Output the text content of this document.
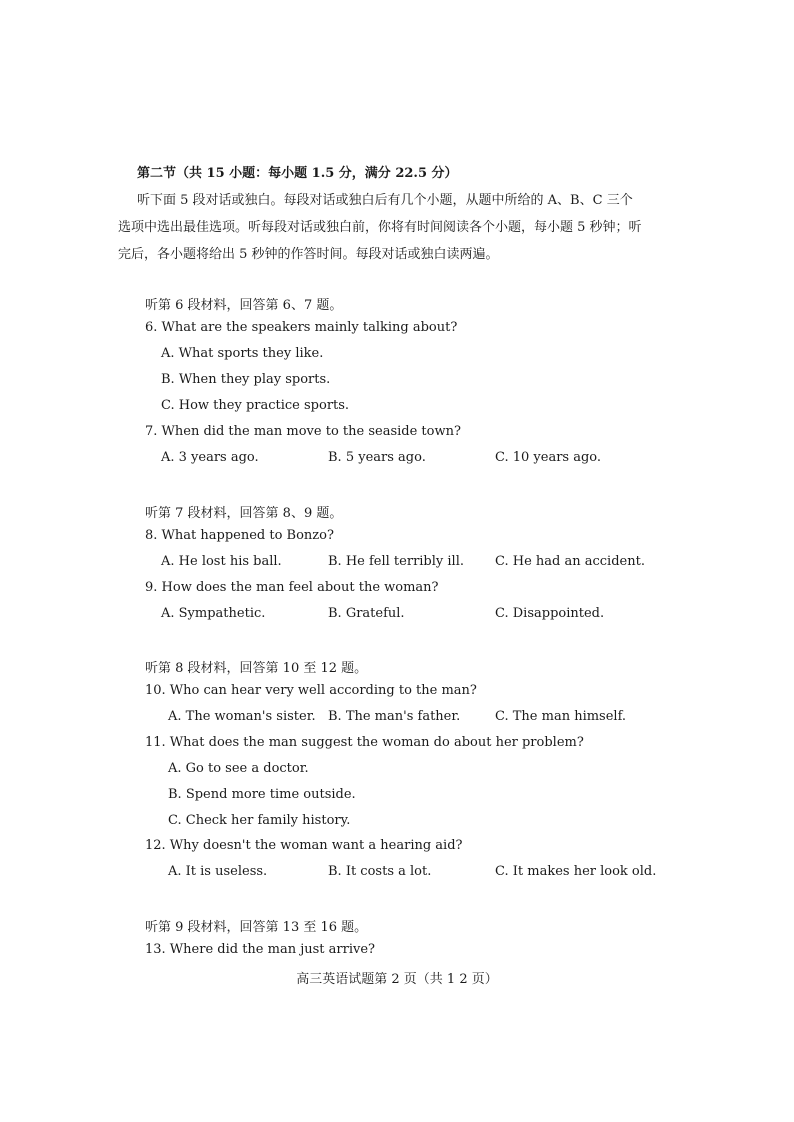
第二节（共 15 小题：每小题 1.5 分，满分 22.5 分）
听下面 5 段对话或独白。每段对话或独白后有几个小题，从题中所给的 A、B、C 三个
选项中选出最佳选项。听每段对话或独白前，你将有时间阅读各个小题，每小题 5 秒钟；听
完后，各小题将给出 5 秒钟的作答时间。每段对话或独白读两遍。
听第 6 段材料，回答第 6、7 题。
6. What are the speakers mainly talking about?
A. What sports they like.
B. When they play sports.
C. How they practice sports.
7. When did the man move to the seaside town?
A. 3 years ago.	B. 5 years ago.	C. 10 years ago.
听第 7 段材料，回答第 8、9 题。
8. What happened to Bonzo?
A. He lost his ball.	B. He fell terribly ill. C. He had an accident.
9. How does the man feel about the woman?
A. Sympathetic.	B. Grateful.	C. Disappointed.
听第 8 段材料，回答第 10 至 12 题。
10. Who can hear very well according to the man?
A. The woman's sister. B. The man's father.	C. The man himself.
11. What does the man suggest the woman do about her problem?
A. Go to see a doctor.
B. Spend more time outside.
C. Check her family history.
12. Why doesn't the woman want a hearing aid?
A. It is useless.	B. It costs a lot.	C. It makes her look old.
听第 9 段材料，回答第 13 至 16 题。
13. Where did the man just arrive?
高三英语试题第 2 页（共 1 2 页）
